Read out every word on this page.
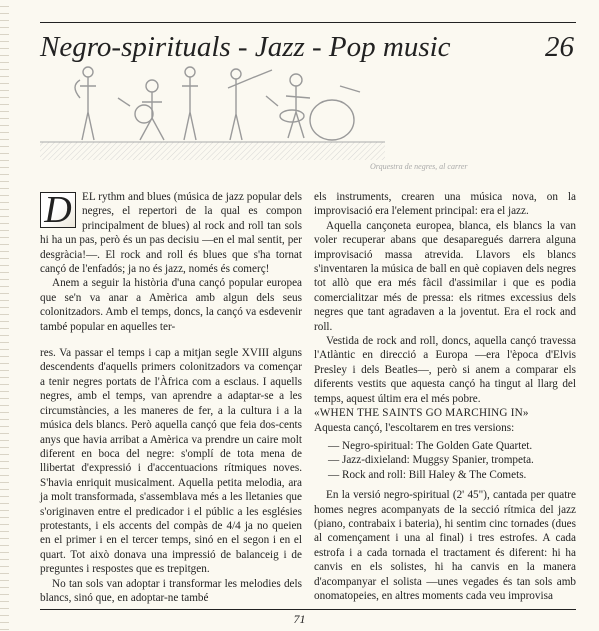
Negro-spirituals - Jazz - Pop music	26
Orquestra de negres, al carrer
D EL rythm and blues (música de jazz popular dels negres, el repertori de la qual es compon principalment de blues) al rock and roll tan sols hi ha un pas, però és un pas decisiu —en el mal sentit, per desgràcia!—. El rock and roll és blues que s'ha tornat cançó de l'enfadós; ja no és jazz, només és comerç!

Anem a seguir la història d'una cançó popular europea que se'n va anar a Amèrica amb algun dels seus colonitzadors. Amb el temps, doncs, la cançó va esdevenir també popular en aquelles ter-

res. Va passar el temps i cap a mitjan segle XVIII alguns descendents d'aquells primers colonitzadors va començar a tenir negres portats de l'Àfrica com a esclaus. I aquells negres, amb el temps, van aprendre a adaptar-se a les circumstàncies, a les maneres de fer, a la cultura i a la música dels blancs. Però aquella cançó que feia dos-cents anys que havia arribat a Amèrica va prendre un caire molt diferent en boca del negre: s'omplí de tota mena de llibertat d'expressió i d'accentuacions rítmiques noves. S'havia enriquit musicalment. Aquella petita melodia, ara ja molt transformada, s'assemblava més a les lletanies que s'originaven entre el predicador i el públic a les esglésies protestants, i els accents del compàs de 4/4 ja no queien en el primer i en el tercer temps, sinó en el segon i en el quart. Tot això donava una impressió de balanceig i de preguntes i respostes que es trepitgen.

No tan sols van adoptar i transformar les melodies dels blancs, sinó que, en adoptar-ne també

els instruments, crearen una música nova, on la improvisació era l'element principal: era el jazz.

Aquella cançoneta europea, blanca, els blancs la van voler recuperar abans que desaparegués darrera alguna improvisació massa atrevida. Llavors els blancs s'inventaren la música de ball en què copiaven dels negres tot allò que era més fàcil d'assimilar i que es podia comercialitzar més de pressa: els ritmes excessius dels negres que tant agradaven a la joventut. Era el rock and roll.

Vestida de rock and roll, doncs, aquella cançó travessa l'Atlàntic en direcció a Europa —era l'època d'Elvis Presley i dels Beatles—, però si anem a comparar els diferents vestits que aquesta cançó ha tingut al llarg del temps, aquest últim era el més pobre.

«WHEN THE SAINTS GO MARCHING IN»

Aquesta cançó, l'escoltarem en tres versions:

— Negro-spiritual: The Golden Gate Quartet.
— Jazz-dixieland: Muggsy Spanier, trompeta.
— Rock and roll: Bill Haley & The Comets.

En la versió negro-spiritual (2' 45"), cantada per quatre homes negres acompanyats de la secció rítmica del jazz (piano, contrabaix i bateria), hi sentim cinc tornades (dues al començament i una al final) i tres estrofes. A cada estrofa i a cada tornada el tractament és diferent: hi ha canvis en els solistes, hi ha canvis en la manera d'acompanyar el solista —unes vegades és tan sols amb onomatopeies, en altres moments cada veu improvisa

71
